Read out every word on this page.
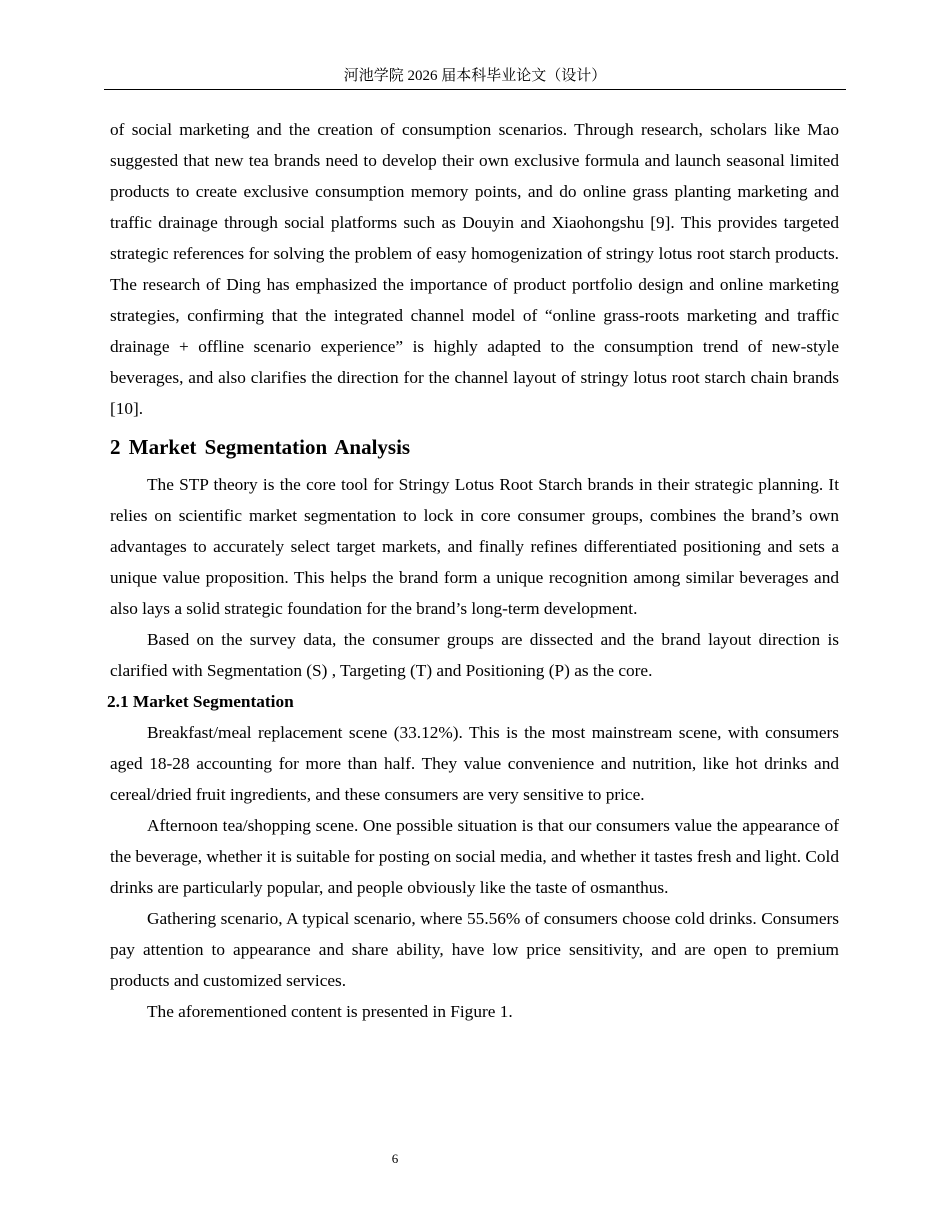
河池学院 2026 届本科毕业论文（设计）

of social marketing and the creation of consumption scenarios. Through research, scholars like Mao suggested that new tea brands need to develop their own exclusive formula and launch seasonal limited products to create exclusive consumption memory points, and do online grass planting marketing and traffic drainage through social platforms such as Douyin and Xiaohongshu [9]. This provides targeted strategic references for solving the problem of easy homogenization of stringy lotus root starch products. The research of Ding has emphasized the importance of product portfolio design and online marketing strategies, confirming that the integrated channel model of “online grass-roots marketing and traffic drainage + offline scenario experience” is highly adapted to the consumption trend of new-style beverages, and also clarifies the direction for the channel layout of stringy lotus root starch chain brands [10].

2 Market Segmentation Analysis

The STP theory is the core tool for Stringy Lotus Root Starch brands in their strategic planning. It relies on scientific market segmentation to lock in core consumer groups, combines the brand’s own advantages to accurately select target markets, and finally refines differentiated positioning and sets a unique value proposition. This helps the brand form a unique recognition among similar beverages and also lays a solid strategic foundation for the brand’s long-term development.

Based on the survey data, the consumer groups are dissected and the brand layout direction is clarified with Segmentation (S) , Targeting (T) and Positioning (P) as the core.

2.1 Market Segmentation

Breakfast/meal replacement scene (33.12%). This is the most mainstream scene, with consumers aged 18-28 accounting for more than half. They value convenience and nutrition, like hot drinks and cereal/dried fruit ingredients, and these consumers are very sensitive to price.

Afternoon tea/shopping scene. One possible situation is that our consumers value the appearance of the beverage, whether it is suitable for posting on social media, and whether it tastes fresh and light. Cold drinks are particularly popular, and people obviously like the taste of osmanthus.

Gathering scenario, A typical scenario, where 55.56% of consumers choose cold drinks. Consumers pay attention to appearance and share ability, have low price sensitivity, and are open to premium products and customized services.

The aforementioned content is presented in Figure 1.

6
